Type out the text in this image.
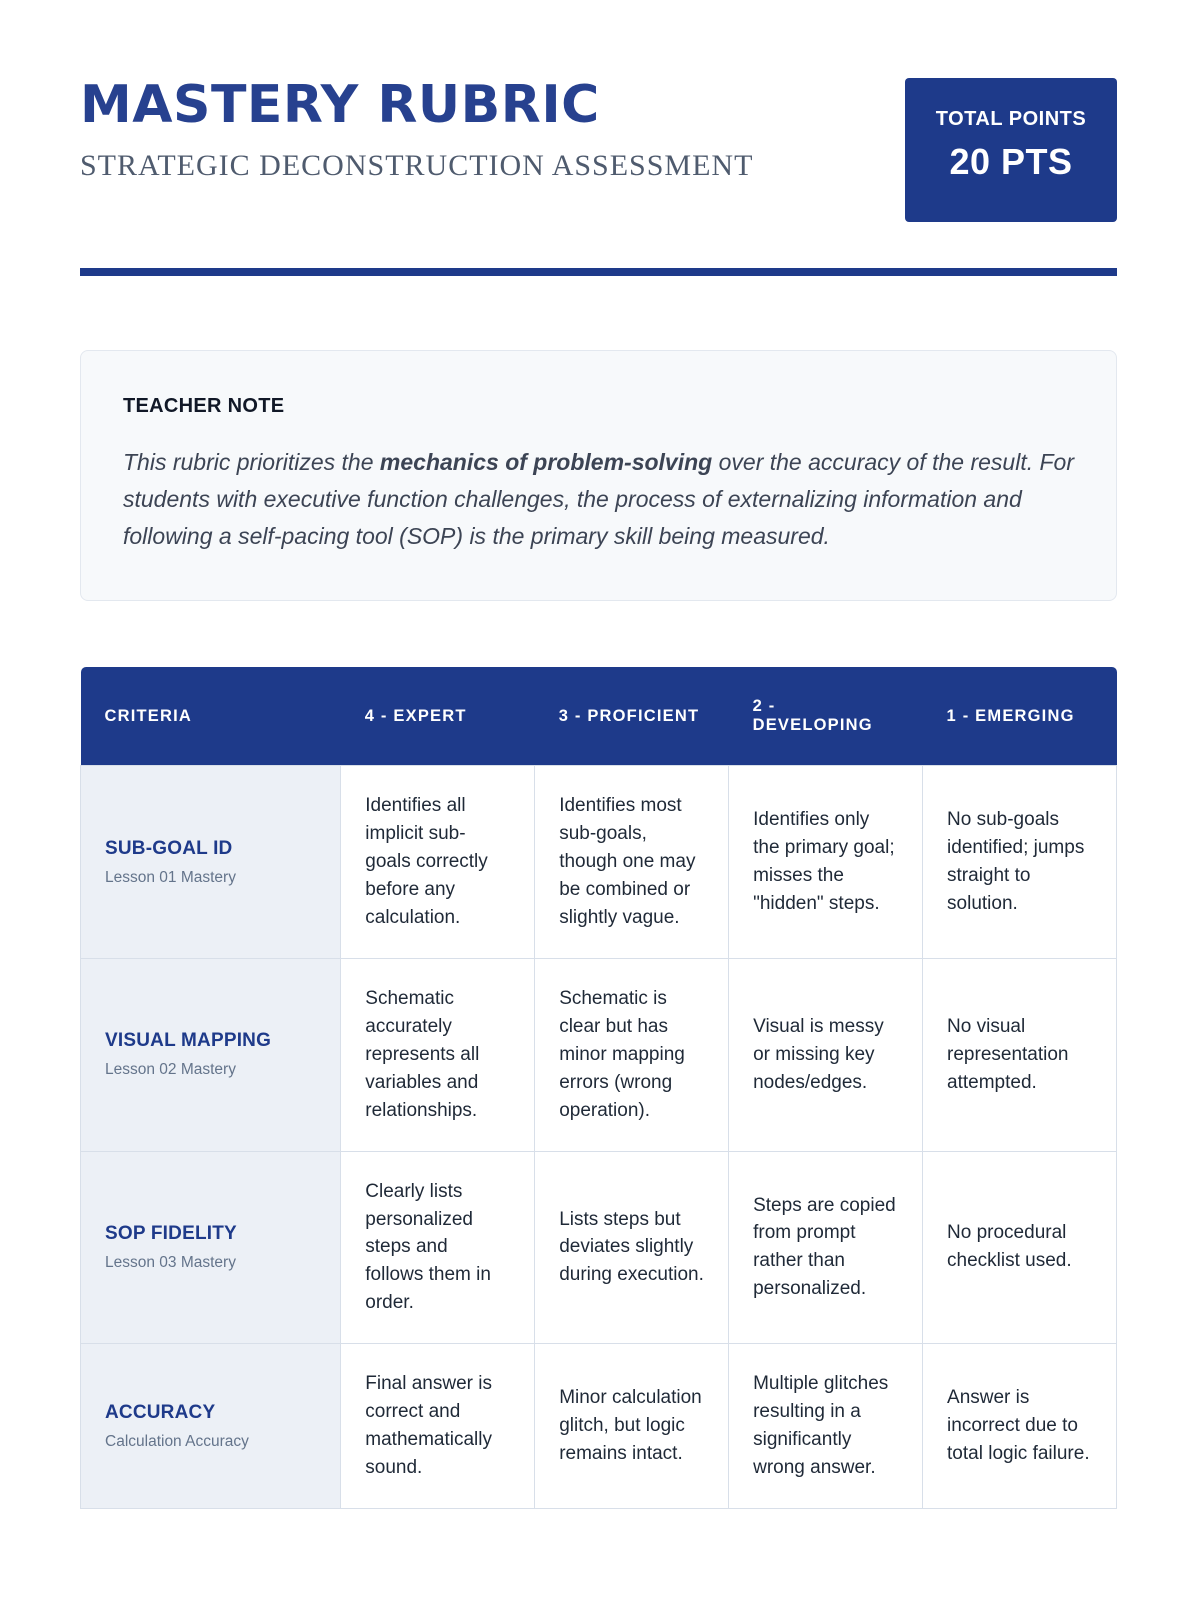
MASTERY RUBRIC
STRATEGIC DECONSTRUCTION ASSESSMENT
TOTAL POINTS
20 PTS
TEACHER NOTE

This rubric prioritizes the mechanics of problem-solving over the accuracy of the result. For students with executive function challenges, the process of externalizing information and following a self-pacing tool (SOP) is the primary skill being measured.

CRITERIA	4 - EXPERT	3 - PROFICIENT	2 - DEVELOPING	1 - EMERGING

SUB-GOAL ID
Lesson 01 Mastery	Identifies all implicit sub-goals correctly before any calculation.	Identifies most sub-goals, though one may be combined or slightly vague.	Identifies only the primary goal; misses the "hidden" steps.	No sub-goals identified; jumps straight to solution.

VISUAL MAPPING
Lesson 02 Mastery	Schematic accurately represents all variables and relationships.	Schematic is clear but has minor mapping errors (wrong operation).	Visual is messy or missing key nodes/edges.	No visual representation attempted.

SOP FIDELITY
Lesson 03 Mastery	Clearly lists personalized steps and follows them in order.	Lists steps but deviates slightly during execution.	Steps are copied from prompt rather than personalized.	No procedural checklist used.

ACCURACY
Calculation Accuracy	Final answer is correct and mathematically sound.	Minor calculation glitch, but logic remains intact.	Multiple glitches resulting in a significantly wrong answer.	Answer is incorrect due to total logic failure.
